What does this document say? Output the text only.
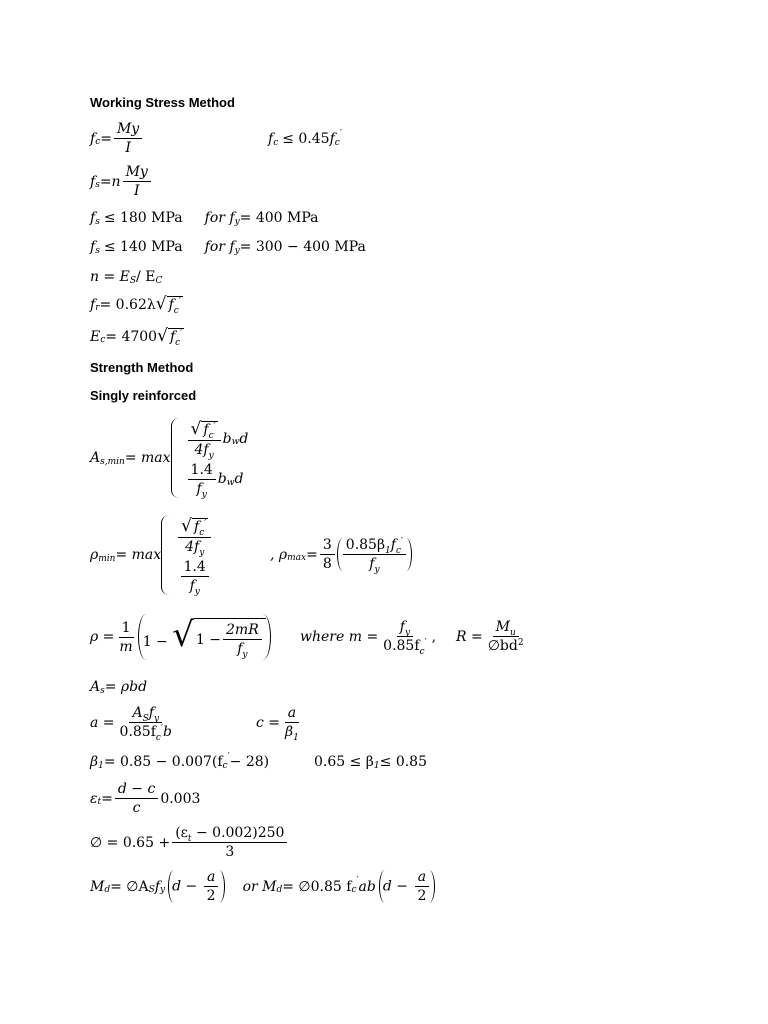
Working Stress Method
Strength Method
Singly reinforced
f $c = \frac{My}{I}$	f c ≤ 0.45 f c
′
f s = n $\frac{My}{I}$
f s ≤ 180 MPa for f y = 400 MPa
f s ≤ 140 MPa for f y = 300 − 400 MPa
n = E S / E C
f r = 0.62λ √ $f_c'$
E c = 4700 √ $f_c'$
A s,min = max
$\frac{√ f_c'}{4f_y}$ b w d
$\frac{1.4}{f_y}$ b w d
ρ min = max
$\frac{√ f_c'}{4f_y}$
$\frac{1.4}{f_y}$
, ρ $\max = \frac{3}{8} \frac{0.85\beta_1f_c'}{f_y}$
$\rho = \frac{1}{m} 1$ − √ $1 - \frac{2mR}{f_y}$	where $m = \frac{f_y}{0.85f_c'}$ , $R = \frac{M_u}{\emptyset bd^2}$
A s = ρbd
$a = \frac{A_Sf_y}{0.85f_c'b}$	$c = \frac{a}{\beta_1}$
β 1 = 0.85 − 0.007(f c
′ − 28)	0.65 ≤ β 1 ≤ 0.85
ε $t = \frac{d - c}{c} 0.003$
∅ = $0.65 + \frac{(\varepsilon_t - 0.002)250}{3}$
M d = ∅A S f y $d - \frac{a}{2}$ or M d = ∅0.85 f c
′ ab $d - \frac{a}{2}$
